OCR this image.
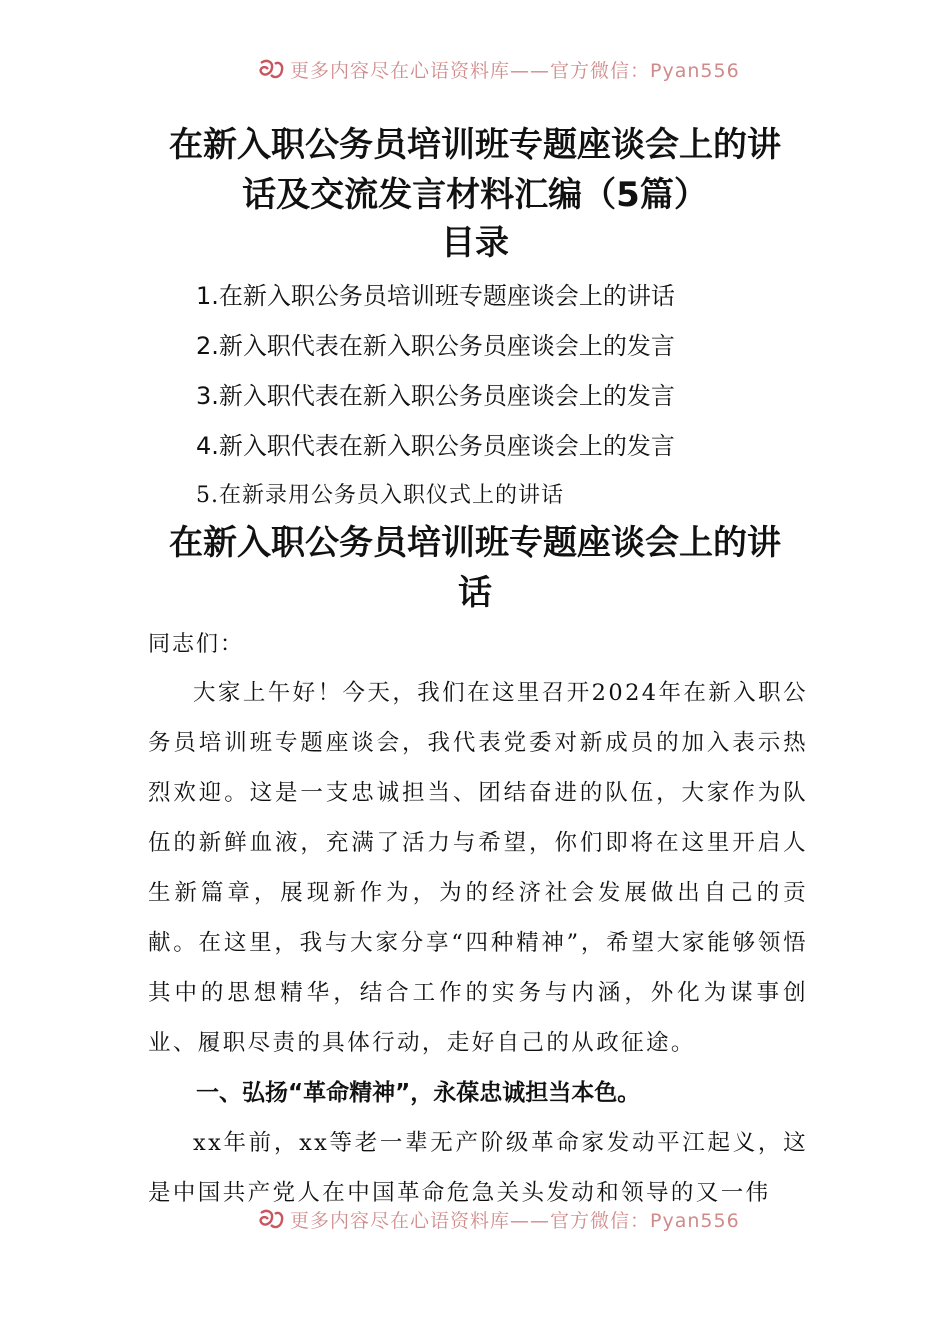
更多内容尽在心语资料库——官方微信：Pyan556
在新入职公务员培训班专题座谈会上的讲
话及交流发言材料汇编（5篇）
目录
1.在新入职公务员培训班专题座谈会上的讲话
2.新入职代表在新入职公务员座谈会上的发言
3.新入职代表在新入职公务员座谈会上的发言
4.新入职代表在新入职公务员座谈会上的发言
5.在新录用公务员入职仪式上的讲话
在新入职公务员培训班专题座谈会上的讲
话
同志们：
大家上午好！今天，我们在这里召开2024年在新入职公务员培训班专题座谈会，我代表党委对新成员的加入表示热烈欢迎。这是一支忠诚担当、团结奋进的队伍，大家作为队伍的新鲜血液，充满了活力与希望，你们即将在这里开启人生新篇章，展现新作为，为的经济社会发展做出自己的贡献。在这里，我与大家分享“四种精神”，希望大家能够领悟其中的思想精华，结合工作的实务与内涵，外化为谋事创业、履职尽责的具体行动，走好自己的从政征途。
一、弘扬“革命精神”，永葆忠诚担当本色。
xx年前，xx等老一辈无产阶级革命家发动平江起义，这是中国共产党人在中国革命危急关头发动和领导的又一伟
更多内容尽在心语资料库——官方微信：Pyan556
